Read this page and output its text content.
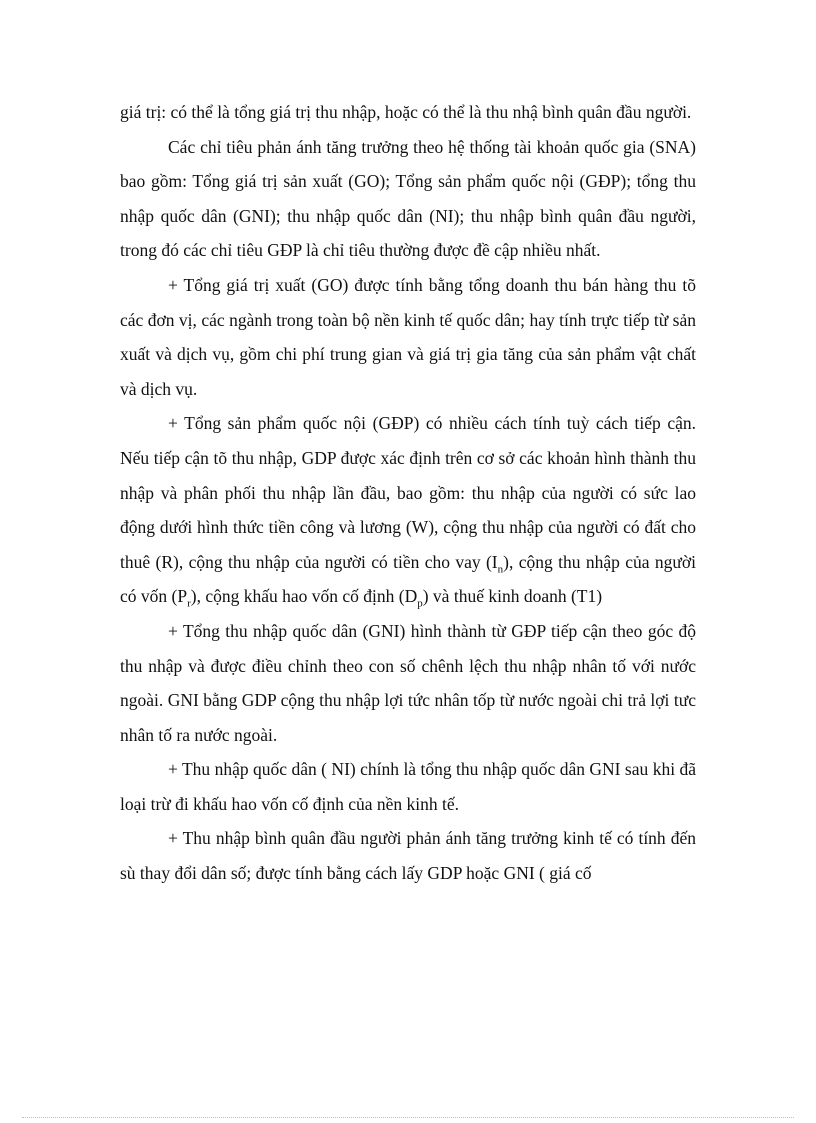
giá trị: có thể là tổng giá trị thu nhập, hoặc có thể là thu nhậ bình quân đầu người.

Các chỉ tiêu phản ánh tăng trưởng theo hệ thống tài khoản quốc gia (SNA) bao gồm: Tổng giá trị sản xuất (GO); Tổng sản phẩm quốc nội (GĐP); tổng thu nhập quốc dân (GNI); thu nhập quốc dân (NI); thu nhập bình quân đầu người, trong đó các chỉ tiêu GĐP là chỉ tiêu thường được đề cập nhiều nhất.

+ Tổng giá trị xuất (GO) được tính bằng tổng doanh thu bán hàng thu tõ các đơn vị, các ngành trong toàn bộ nền kinh tế quốc dân; hay tính trực tiếp từ sản xuất và dịch vụ, gồm chi phí trung gian và giá trị gia tăng của sản phẩm vật chất và dịch vụ.

+ Tổng sản phẩm quốc nội (GĐP) có nhiều cách tính tuỳ cách tiếp cận. Nếu tiếp cận tõ thu nhập, GDP được xác định trên cơ sở các khoản hình thành thu nhập và phân phối thu nhập lần đầu, bao gồm: thu nhập của người có sức lao động dưới hình thức tiền công và lương (W), cộng thu nhập của người có đất cho thuê (R), cộng thu nhập của người có tiền cho vay $(I_n)$, cộng thu nhập của người có vốn $(P_r)$, cộng khấu hao vốn cố định $(D_p)$ và thuế kinh doanh (T1)

+ Tổng thu nhập quốc dân (GNI) hình thành từ GĐP tiếp cận theo góc độ thu nhập và được điều chỉnh theo con số chênh lệch thu nhập nhân tố với nước ngoài. GNI bằng GDP cộng thu nhập lợi tức nhân tốp từ nước ngoài chi trả lợi tưc nhân tố ra nước ngoài.

+ Thu nhập quốc dân ( NI) chính là tổng thu nhập quốc dân GNI sau khi đã loại trừ đi khấu hao vốn cố định của nền kinh tế.

+ Thu nhập bình quân đầu người phản ánh tăng trưởng kinh tế có tính đến sù thay đổi dân số; được tính bằng cách lấy GDP hoặc GNI ( giá cố
